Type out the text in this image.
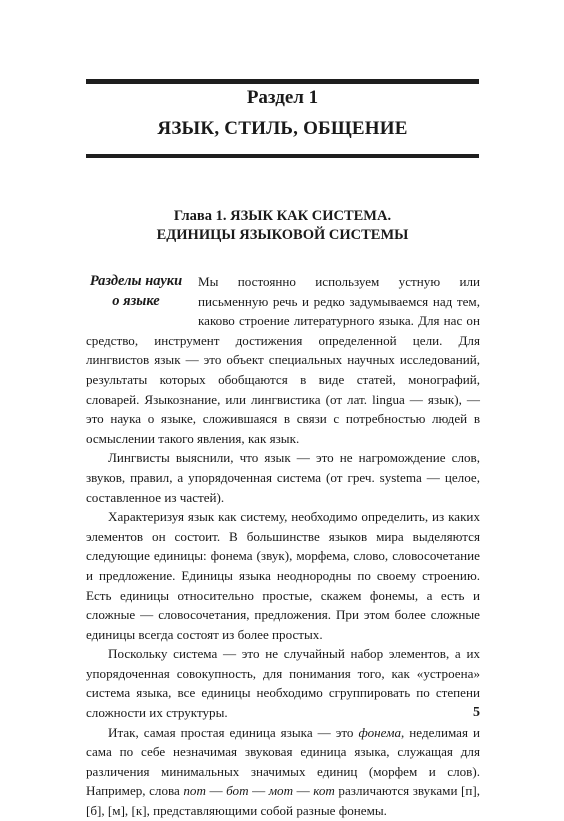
Раздел 1
ЯЗЫК, СТИЛЬ, ОБЩЕНИЕ
Глава 1. ЯЗЫК КАК СИСТЕМА.
ЕДИНИЦЫ ЯЗЫКОВОЙ СИСТЕМЫ
Разделы науки
о языке

Мы постоянно используем устную или письменную речь и редко задумываемся над тем, каково строение литературного языка. Для нас он средство, инструмент достижения определенной цели. Для лингвистов язык — это объект специальных научных исследований, результаты которых обобщаются в виде статей, монографий, словарей. Языкознание, или лингвистика (от лат. lingua — язык), — это наука о языке, сложившаяся в связи с потребностью людей в осмыслении такого явления, как язык.

Лингвисты выяснили, что язык — это не нагромождение слов, звуков, правил, а упорядоченная система (от греч. systema — целое, составленное из частей).

Характеризуя язык как систему, необходимо определить, из каких элементов он состоит. В большинстве языков мира выделяются следующие единицы: фонема (звук), морфема, слово, словосочетание и предложение. Единицы языка неоднородны по своему строению. Есть единицы относительно простые, скажем фонемы, а есть и сложные — словосочетания, предложения. При этом более сложные единицы всегда состоят из более простых.

Поскольку система — это не случайный набор элементов, а их упорядоченная совокупность, для понимания того, как «устроена» система языка, все единицы необходимо сгруппировать по степени сложности их структуры.

Итак, самая простая единица языка — это фонема, неделимая и сама по себе незначимая звуковая единица языка, служащая для различения минимальных значимых единиц (морфем и слов). Например, слова пот — бот — мот — кот различаются звуками [п], [б], [м], [к], представляющими собой разные фонемы.

5
